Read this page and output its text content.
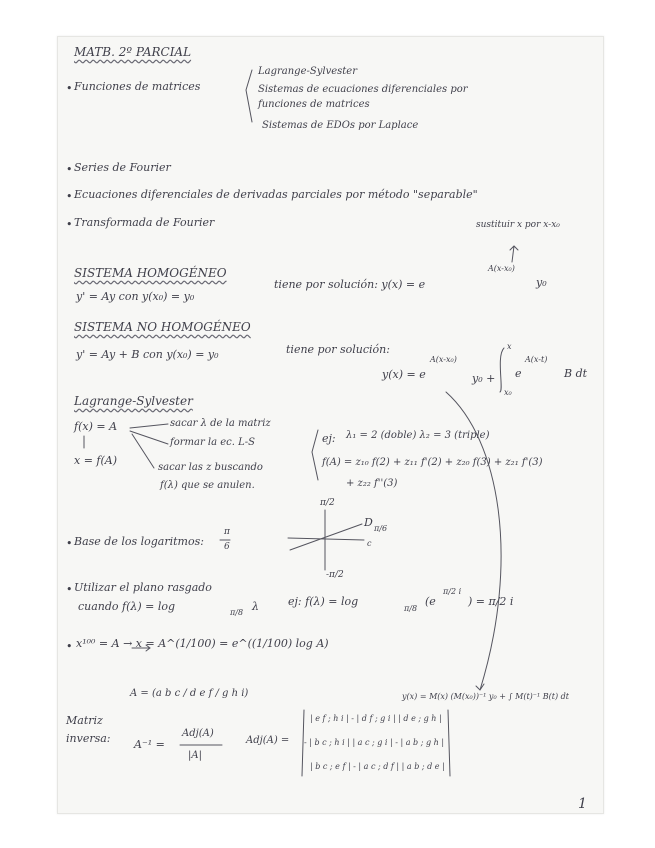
MATB. 2º PARCIAL
• Funciones de matrices
Lagrange-Sylvester
Sistemas de ecuaciones diferenciales por
funciones de matrices
Sistemas de EDOs por Laplace
• Series de Fourier
• Ecuaciones diferenciales de derivadas parciales por método "separable"
• Transformada de Fourier	sustituir x por x-x₀
SISTEMA HOMOGÉNEO
y' = Ay con y(x₀) = y₀
tiene por solución: y(x) = e
A(x-x₀)
y₀
SISTEMA NO HOMOGÉNEO
y' = Ay + B con y(x₀) = y₀	tiene por solución:
y(x) = e
A(x-x₀)
y₀ +
x
x₀
e
A(x-t)
B dt
Lagrange-Sylvester
f(x) = A
x = f(A)
sacar λ de la matriz
formar la ec. L-S
sacar las z buscando
f(λ) que se anulen.
ej: λ₁ = 2 (doble) λ₂ = 3 (triple)
f(A) = z₁₀ f(2) + z₁₁ f'(2) + z₂₀ f(3) + z₂₁ f'(3)
+ z₂₂ f''(3)
• Base de los logaritmos:
π
6
π/2
-π/2
D π/6
c
• Utilizar el plano rasgado
cuando f(λ) = log	π/8 λ	ej: f(λ) = log
π/8
(e
π/2 i
) = π/2 i
• x¹⁰⁰ = A → x = A^(1/100) = e^((1/100) log A)
y(x) = M(x) (M(x₀))⁻¹ y₀ + ∫ M(t)⁻¹ B(t) dt
A = (a b c / d e f / g h i)
Matriz
inversa: A⁻¹ =
Adj(A)
|A|
Adj(A) =
| e f ; h i | - | d f ; g i | | d e ; g h |
- | b c ; h i | | a c ; g i | - | a b ; g h |
| b c ; e f | - | a c ; d f | | a b ; d e |
1
